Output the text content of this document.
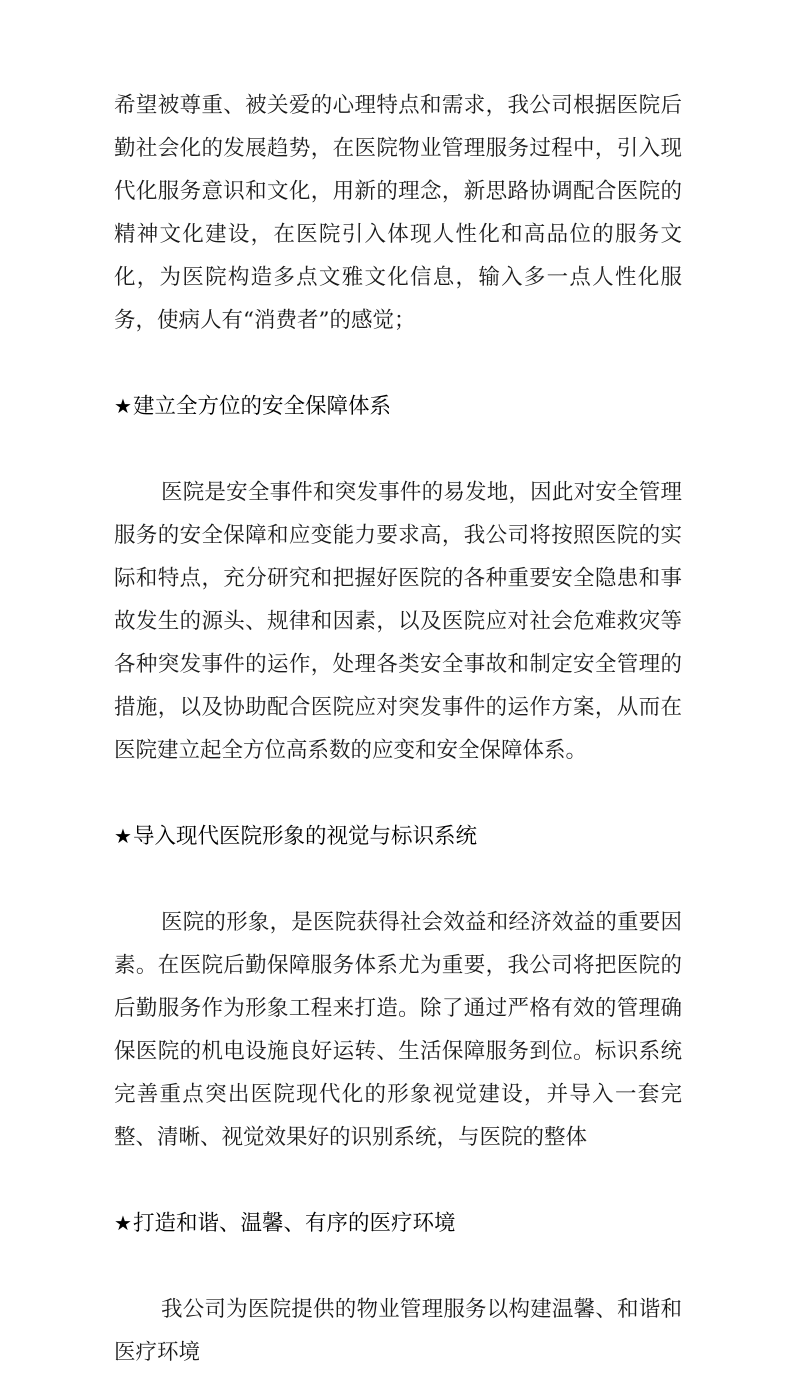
希望被尊重、被关爱的心理特点和需求，我公司根据医院后勤社会化的发展趋势，在医院物业管理服务过程中，引入现代化服务意识和文化，用新的理念，新思路协调配合医院的精神文化建设，在医院引入体现人性化和高品位的服务文化，为医院构造多点文雅文化信息，输入多一点人性化服务，使病人有“消费者”的感觉；

★建立全方位的安全保障体系

医院是安全事件和突发事件的易发地，因此对安全管理服务的安全保障和应变能力要求高，我公司将按照医院的实际和特点，充分研究和把握好医院的各种重要安全隐患和事故发生的源头、规律和因素，以及医院应对社会危难救灾等各种突发事件的运作，处理各类安全事故和制定安全管理的措施，以及协助配合医院应对突发事件的运作方案，从而在医院建立起全方位高系数的应变和安全保障体系。

★导入现代医院形象的视觉与标识系统

医院的形象，是医院获得社会效益和经济效益的重要因素。在医院后勤保障服务体系尤为重要，我公司将把医院的后勤服务作为形象工程来打造。除了通过严格有效的管理确保医院的机电设施良好运转、生活保障服务到位。标识系统完善重点突出医院现代化的形象视觉建设，并导入一套完整、清晰、视觉效果好的识别系统，与医院的整体

★打造和谐、温馨、有序的医疗环境

我公司为医院提供的物业管理服务以构建温馨、和谐和医疗环境
